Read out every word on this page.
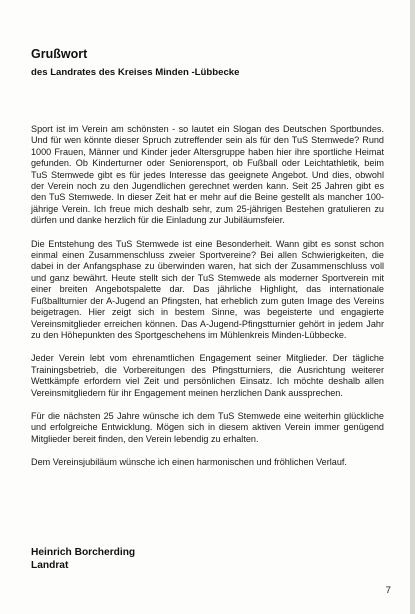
Grußwort
des Landrates des Kreises Minden -Lübbecke

Sport ist im Verein am schönsten - so lautet ein Slogan des Deutschen Sportbundes. Und für wen könnte dieser Spruch zutreffender sein als für den TuS Stemwede? Rund 1000 Frauen, Männer und Kinder jeder Altersgruppe haben hier ihre sportliche Heimat gefunden. Ob Kinderturner oder Seniorensport, ob Fußball oder Leichtathletik, beim TuS Stemwede gibt es für jedes Interesse das geeignete Angebot. Und dies, obwohl der Verein noch zu den Jugendlichen gerechnet werden kann. Seit 25 Jahren gibt es den TuS Stemwede. In dieser Zeit hat er mehr auf die Beine gestellt als mancher 100-jährige Verein. Ich freue mich deshalb sehr, zum 25-jährigen Bestehen gratulieren zu dürfen und danke herzlich für die Einladung zur Jubiläumsfeier.

Die Entstehung des TuS Stemwede ist eine Besonderheit. Wann gibt es sonst schon einmal einen Zusammenschluss zweier Sportvereine? Bei allen Schwierigkeiten, die dabei in der Anfangsphase zu überwinden waren, hat sich der Zusammenschluss voll und ganz bewährt. Heute stellt sich der TuS Stemwede als moderner Sportverein mit einer breiten Angebotspalette dar. Das jährliche Highlight, das internationale Fußballturnier der A-Jugend an Pfingsten, hat erheblich zum guten Image des Vereins beigetragen. Hier zeigt sich in bestem Sinne, was begeisterte und engagierte Vereinsmitglieder erreichen können. Das A-Jugend-Pfingstturnier gehört in jedem Jahr zu den Höhepunkten des Sportgeschehens im Mühlenkreis Minden-Lübbecke.

Jeder Verein lebt vom ehrenamtlichen Engagement seiner Mitglieder. Der tägliche Trainingsbetrieb, die Vorbereitungen des Pfingstturniers, die Ausrichtung weiterer Wettkämpfe erfordern viel Zeit und persönlichen Einsatz. Ich möchte deshalb allen Vereinsmitgliedern für ihr Engagement meinen herzlichen Dank aussprechen.

Für die nächsten 25 Jahre wünsche ich dem TuS Stemwede eine weiterhin glückliche und erfolgreiche Entwicklung. Mögen sich in diesem aktiven Verein immer genügend Mitglieder bereit finden, den Verein lebendig zu erhalten.

Dem Vereinsjubiläum wünsche ich einen harmonischen und fröhlichen Verlauf.

Heinrich Borcherding
Landrat
7
